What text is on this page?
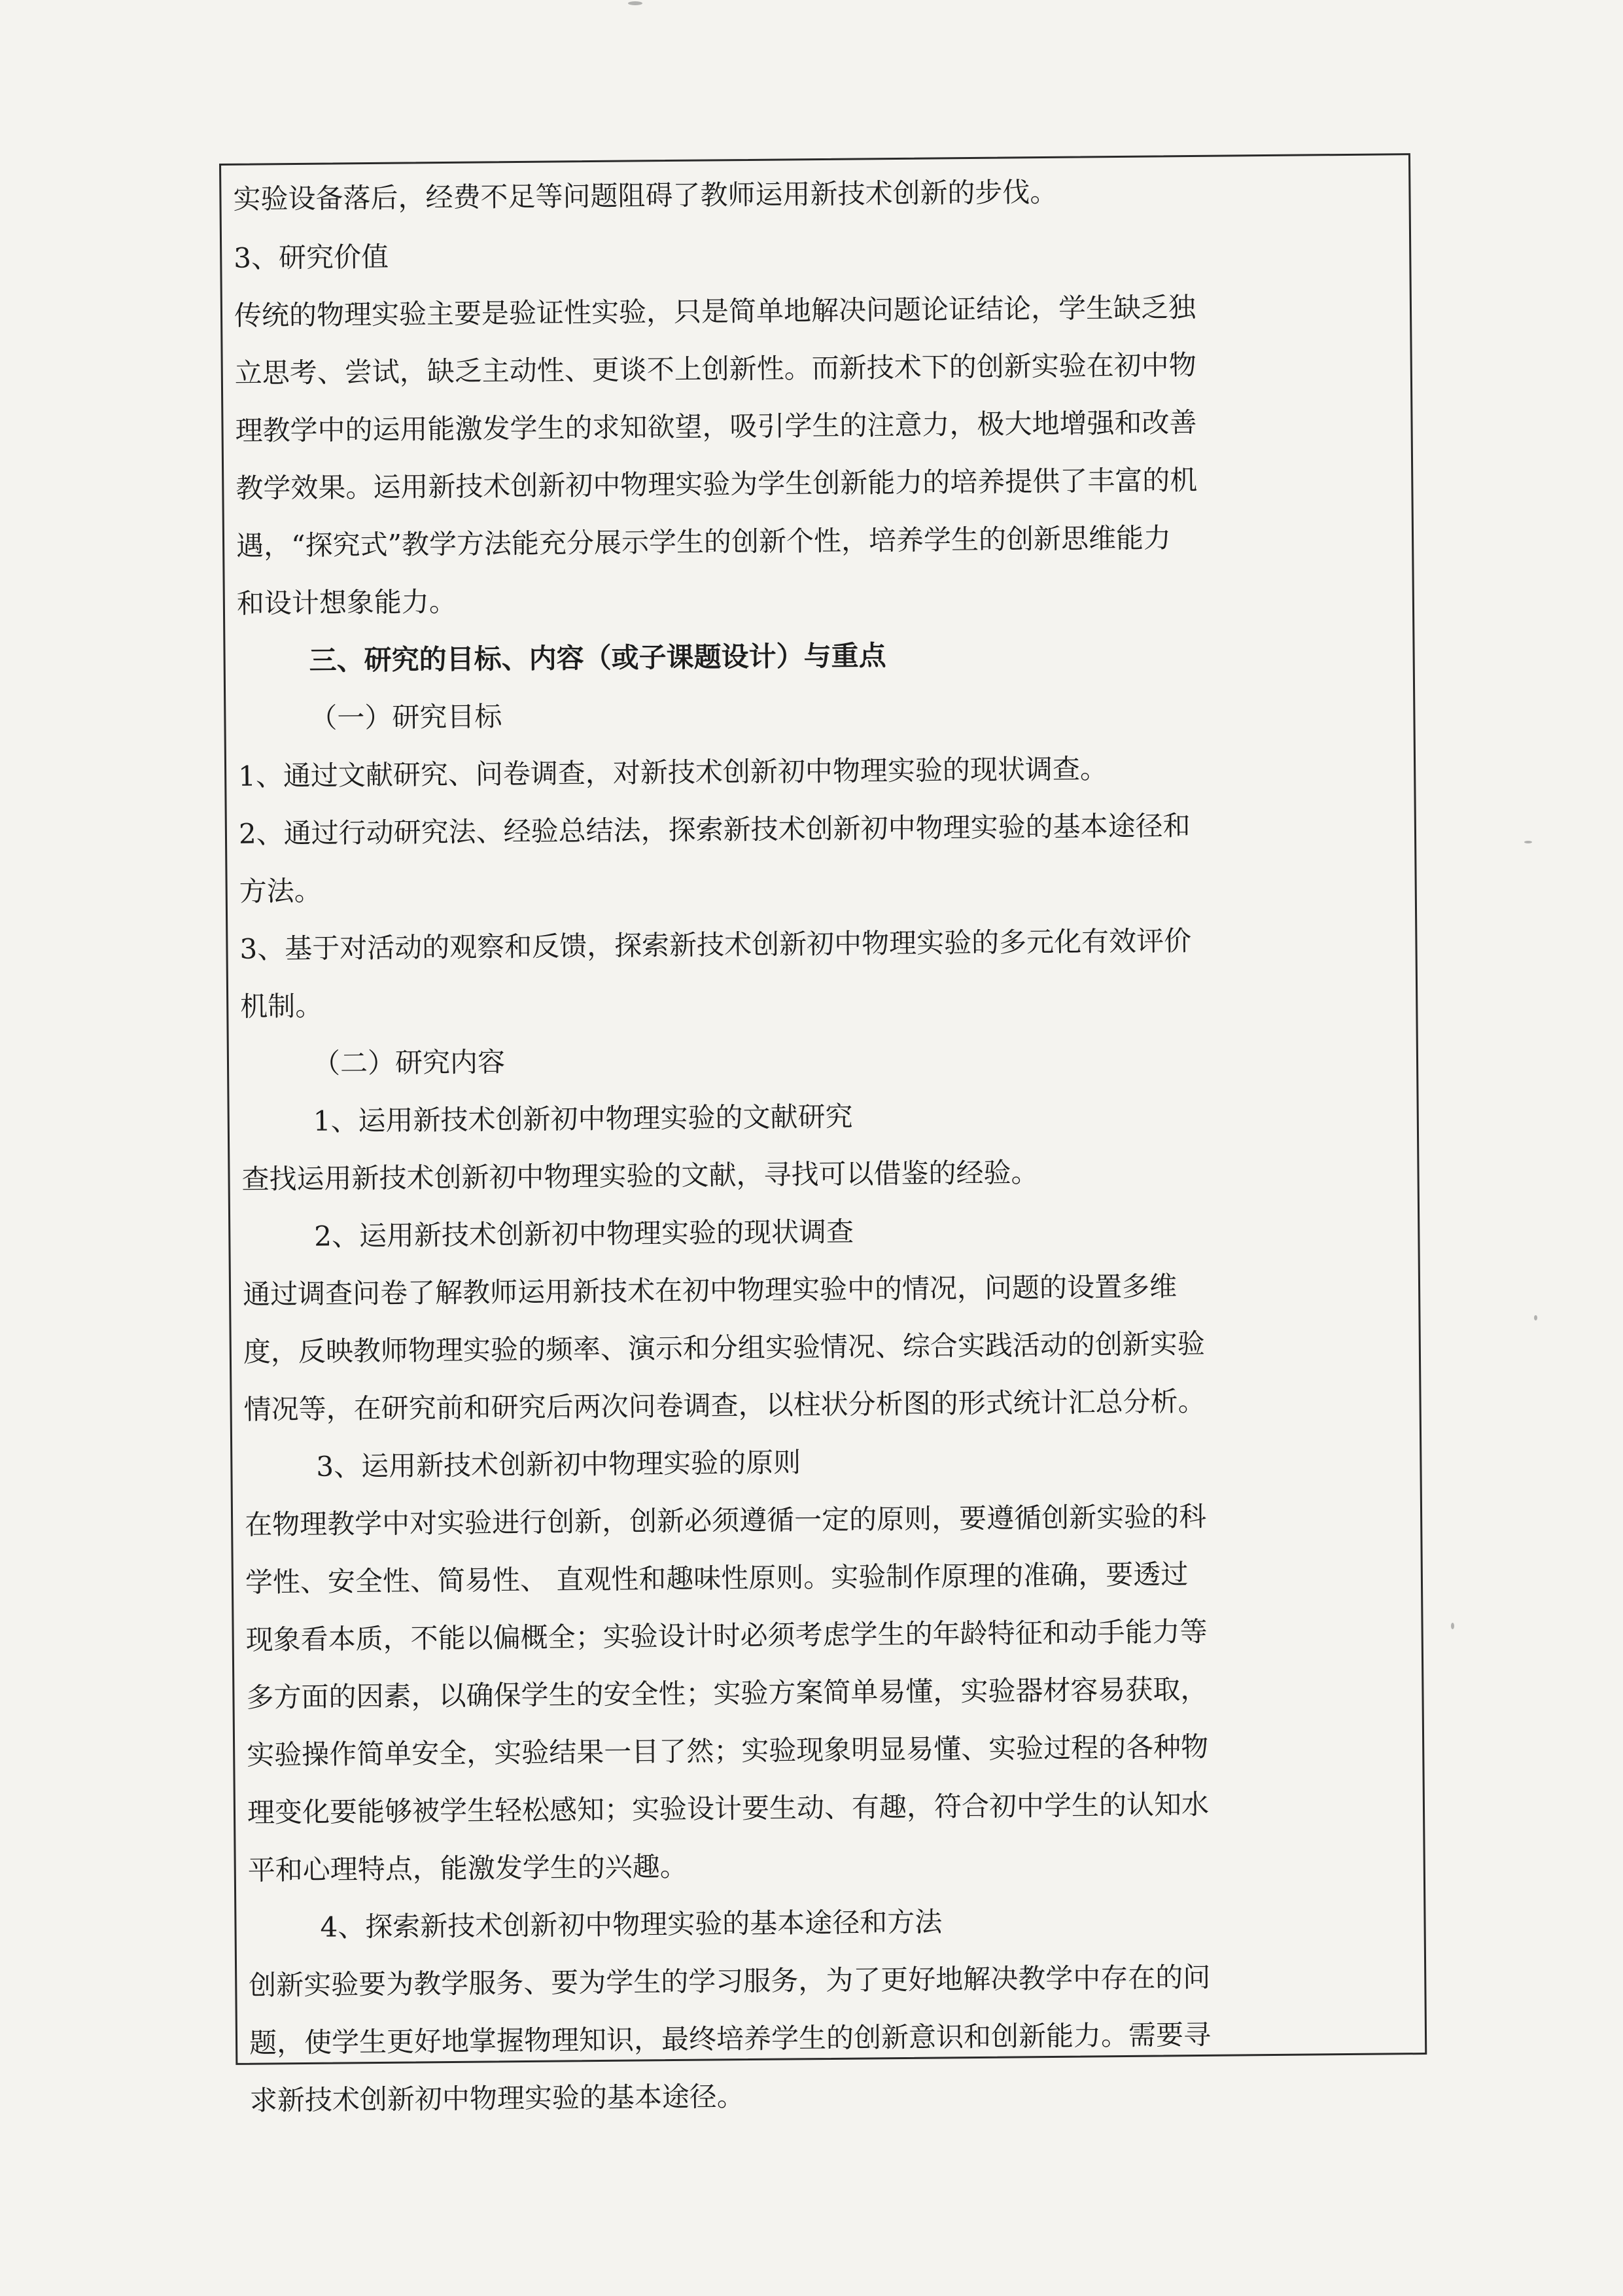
实验设备落后，经费不足等问题阻碍了教师运用新技术创新的步伐。
3、研究价值
传统的物理实验主要是验证性实验，只是简单地解决问题论证结论，学生缺乏独
立思考、尝试，缺乏主动性、更谈不上创新性。而新技术下的创新实验在初中物
理教学中的运用能激发学生的求知欲望，吸引学生的注意力，极大地增强和改善
教学效果。运用新技术创新初中物理实验为学生创新能力的培养提供了丰富的机
遇，“探究式”教学方法能充分展示学生的创新个性，培养学生的创新思维能力
和设计想象能力。
三、研究的目标、内容（或子课题设计）与重点
（一）研究目标
1、通过文献研究、问卷调查，对新技术创新初中物理实验的现状调查。
2、通过行动研究法、经验总结法，探索新技术创新初中物理实验的基本途径和
方法。
3、基于对活动的观察和反馈，探索新技术创新初中物理实验的多元化有效评价
机制。
（二）研究内容
1、运用新技术创新初中物理实验的文献研究
查找运用新技术创新初中物理实验的文献，寻找可以借鉴的经验。
2、运用新技术创新初中物理实验的现状调查
通过调查问卷了解教师运用新技术在初中物理实验中的情况，问题的设置多维
度，反映教师物理实验的频率、演示和分组实验情况、综合实践活动的创新实验
情况等，在研究前和研究后两次问卷调查，以柱状分析图的形式统计汇总分析。
3、运用新技术创新初中物理实验的原则
在物理教学中对实验进行创新，创新必须遵循一定的原则，要遵循创新实验的科
学性、安全性、简易性、 直观性和趣味性原则。实验制作原理的准确，要透过
现象看本质，不能以偏概全；实验设计时必须考虑学生的年龄特征和动手能力等
多方面的因素，以确保学生的安全性；实验方案简单易懂，实验器材容易获取，
实验操作简单安全，实验结果一目了然；实验现象明显易懂、实验过程的各种物
理变化要能够被学生轻松感知；实验设计要生动、有趣，符合初中学生的认知水
平和心理特点，能激发学生的兴趣。
4、探索新技术创新初中物理实验的基本途径和方法
创新实验要为教学服务、要为学生的学习服务，为了更好地解决教学中存在的问
题，使学生更好地掌握物理知识，最终培养学生的创新意识和创新能力。需要寻
求新技术创新初中物理实验的基本途径。
